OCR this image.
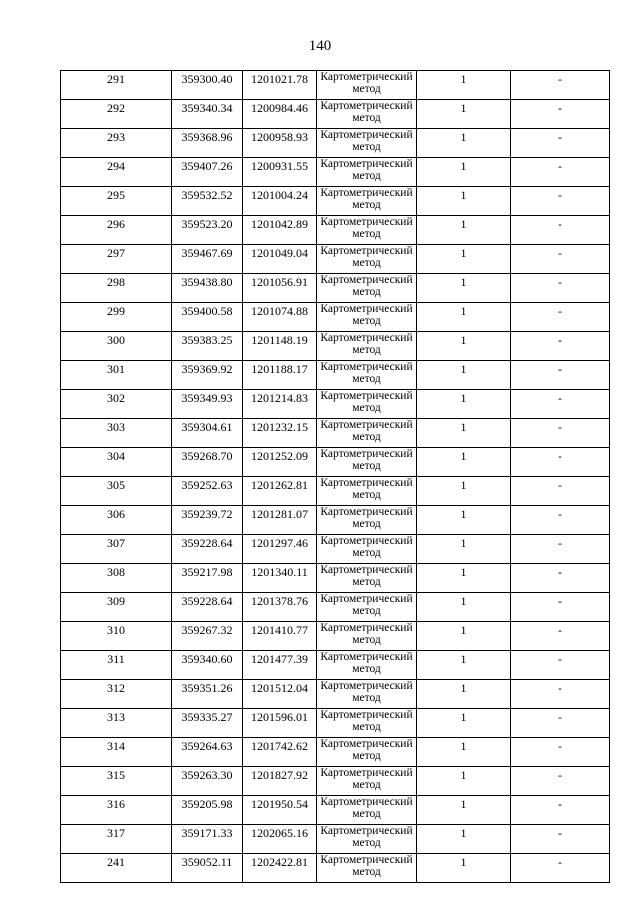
140
291	359300.40	1201021.78	Картометрический метод	1	-
292	359340.34	1200984.46	Картометрический метод	1	-
293	359368.96	1200958.93	Картометрический метод	1	-
294	359407.26	1200931.55	Картометрический метод	1	-
295	359532.52	1201004.24	Картометрический метод	1	-
296	359523.20	1201042.89	Картометрический метод	1	-
297	359467.69	1201049.04	Картометрический метод	1	-
298	359438.80	1201056.91	Картометрический метод	1	-
299	359400.58	1201074.88	Картометрический метод	1	-
300	359383.25	1201148.19	Картометрический метод	1	-
301	359369.92	1201188.17	Картометрический метод	1	-
302	359349.93	1201214.83	Картометрический метод	1	-
303	359304.61	1201232.15	Картометрический метод	1	-
304	359268.70	1201252.09	Картометрический метод	1	-
305	359252.63	1201262.81	Картометрический метод	1	-
306	359239.72	1201281.07	Картометрический метод	1	-
307	359228.64	1201297.46	Картометрический метод	1	-
308	359217.98	1201340.11	Картометрический метод	1	-
309	359228.64	1201378.76	Картометрический метод	1	-
310	359267.32	1201410.77	Картометрический метод	1	-
311	359340.60	1201477.39	Картометрический метод	1	-
312	359351.26	1201512.04	Картометрический метод	1	-
313	359335.27	1201596.01	Картометрический метод	1	-
314	359264.63	1201742.62	Картометрический метод	1	-
315	359263.30	1201827.92	Картометрический метод	1	-
316	359205.98	1201950.54	Картометрический метод	1	-
317	359171.33	1202065.16	Картометрический метод	1	-
241	359052.11	1202422.81	Картометрический метод	1	-
